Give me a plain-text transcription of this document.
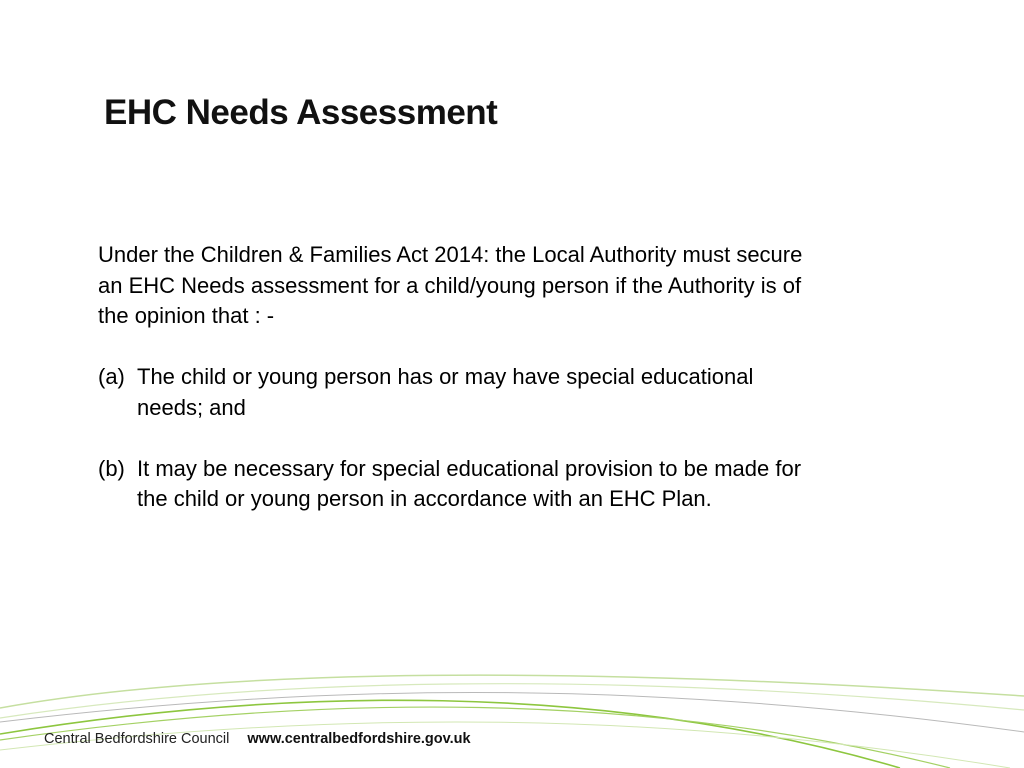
EHC Needs Assessment

Under the Children & Families Act 2014: the Local Authority must secure an EHC Needs assessment for a child/young person if the Authority is of the opinion that : -

(a) The child or young person has or may have special educational needs; and
(b) It may be necessary for special educational provision to be made for the child or young person in accordance with an EHC Plan.
Central Bedfordshire Council www.centralbedfordshire.gov.uk
